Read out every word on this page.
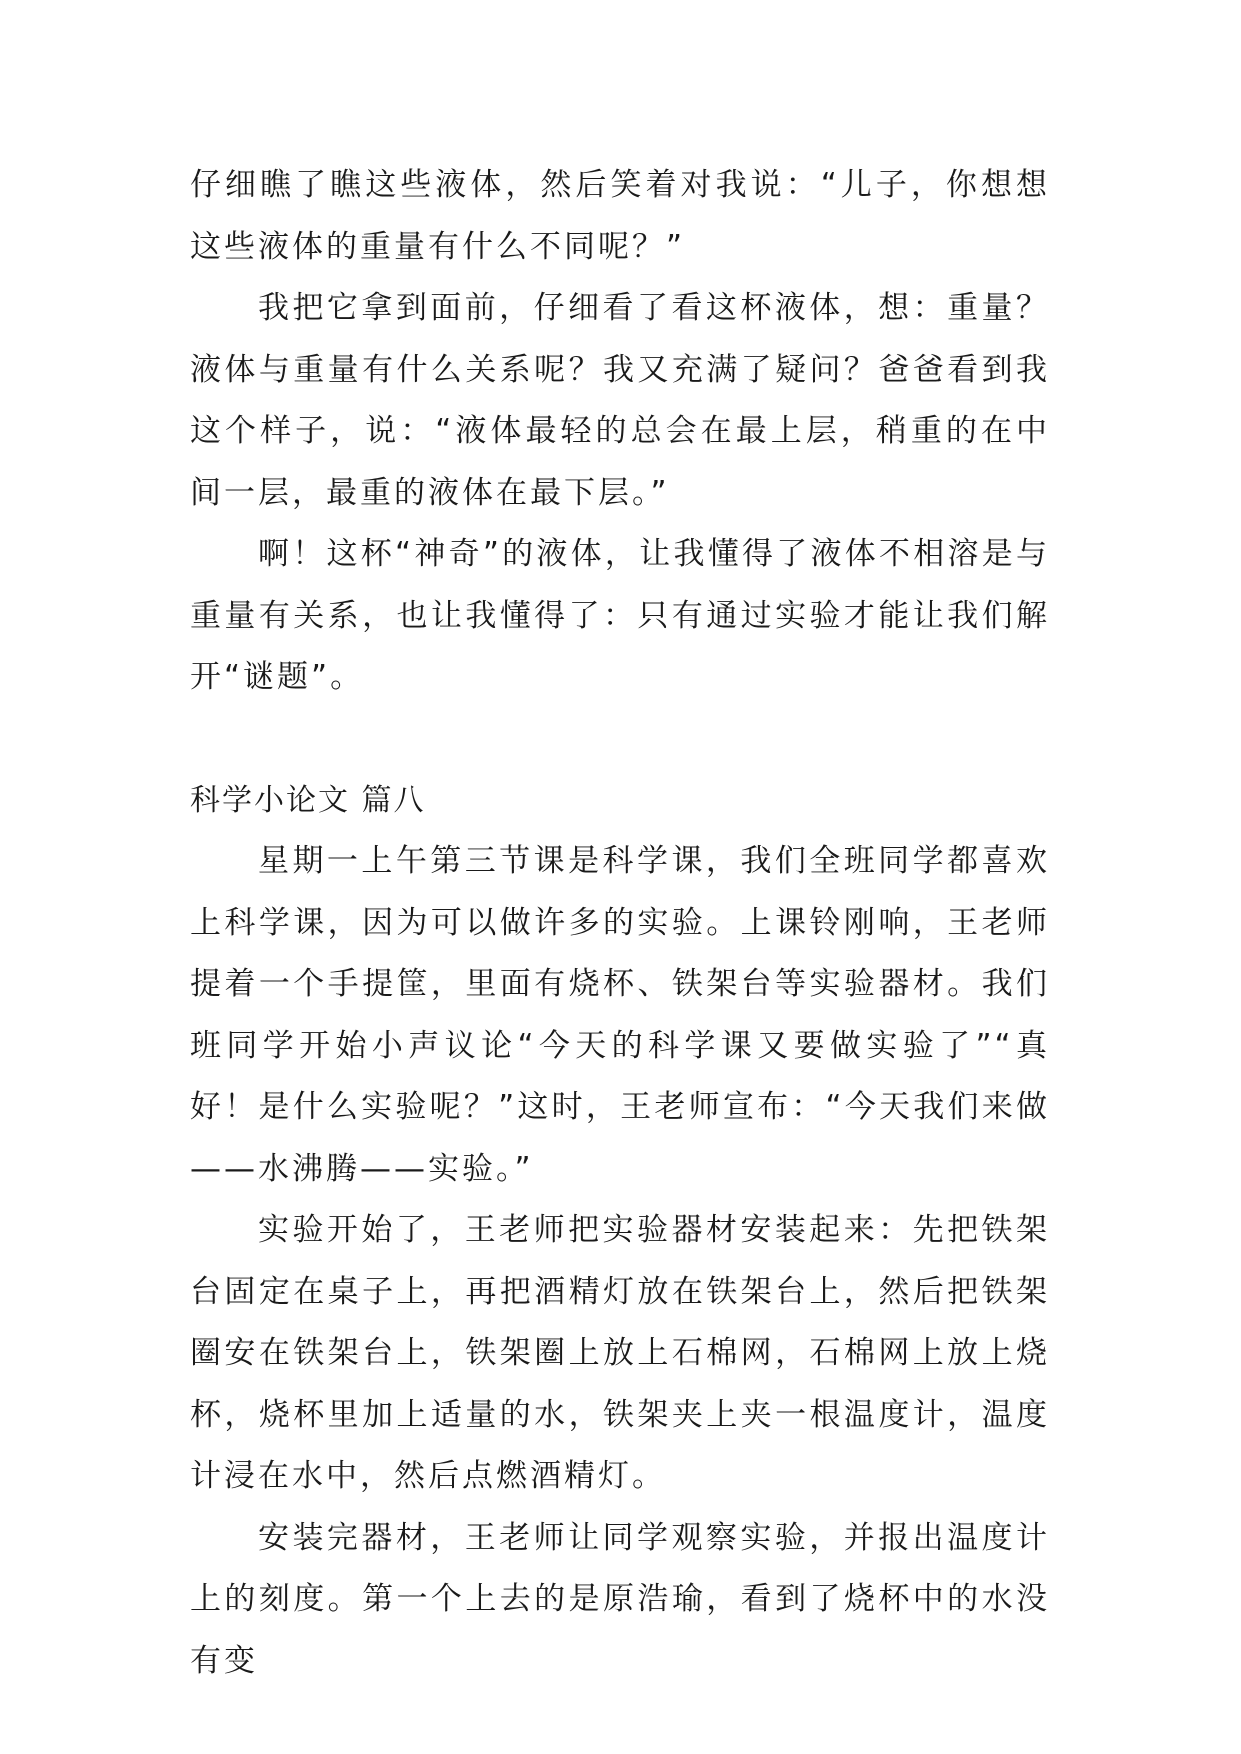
仔细瞧了瞧这些液体，然后笑着对我说：“儿子，你想想这些液体的重量有什么不同呢？”

我把它拿到面前，仔细看了看这杯液体，想：重量？液体与重量有什么关系呢？我又充满了疑问？爸爸看到我这个样子，说：“液体最轻的总会在最上层，稍重的在中间一层，最重的液体在最下层。”

啊！这杯“神奇”的液体，让我懂得了液体不相溶是与重量有关系，也让我懂得了：只有通过实验才能让我们解开“谜题”。

科学小论文 篇八

星期一上午第三节课是科学课，我们全班同学都喜欢上科学课，因为可以做许多的实验。上课铃刚响，王老师提着一个手提筐，里面有烧杯、铁架台等实验器材。我们班同学开始小声议论“今天的科学课又要做实验了”“真好！是什么实验呢？”这时，王老师宣布：“今天我们来做——水沸腾——实验。”

实验开始了，王老师把实验器材安装起来：先把铁架台固定在桌子上，再把酒精灯放在铁架台上，然后把铁架圈安在铁架台上，铁架圈上放上石棉网，石棉网上放上烧杯，烧杯里加上适量的水，铁架夹上夹一根温度计，温度计浸在水中，然后点燃酒精灯。

安装完器材，王老师让同学观察实验，并报出温度计上的刻度。第一个上去的是原浩瑜，看到了烧杯中的水没有变
